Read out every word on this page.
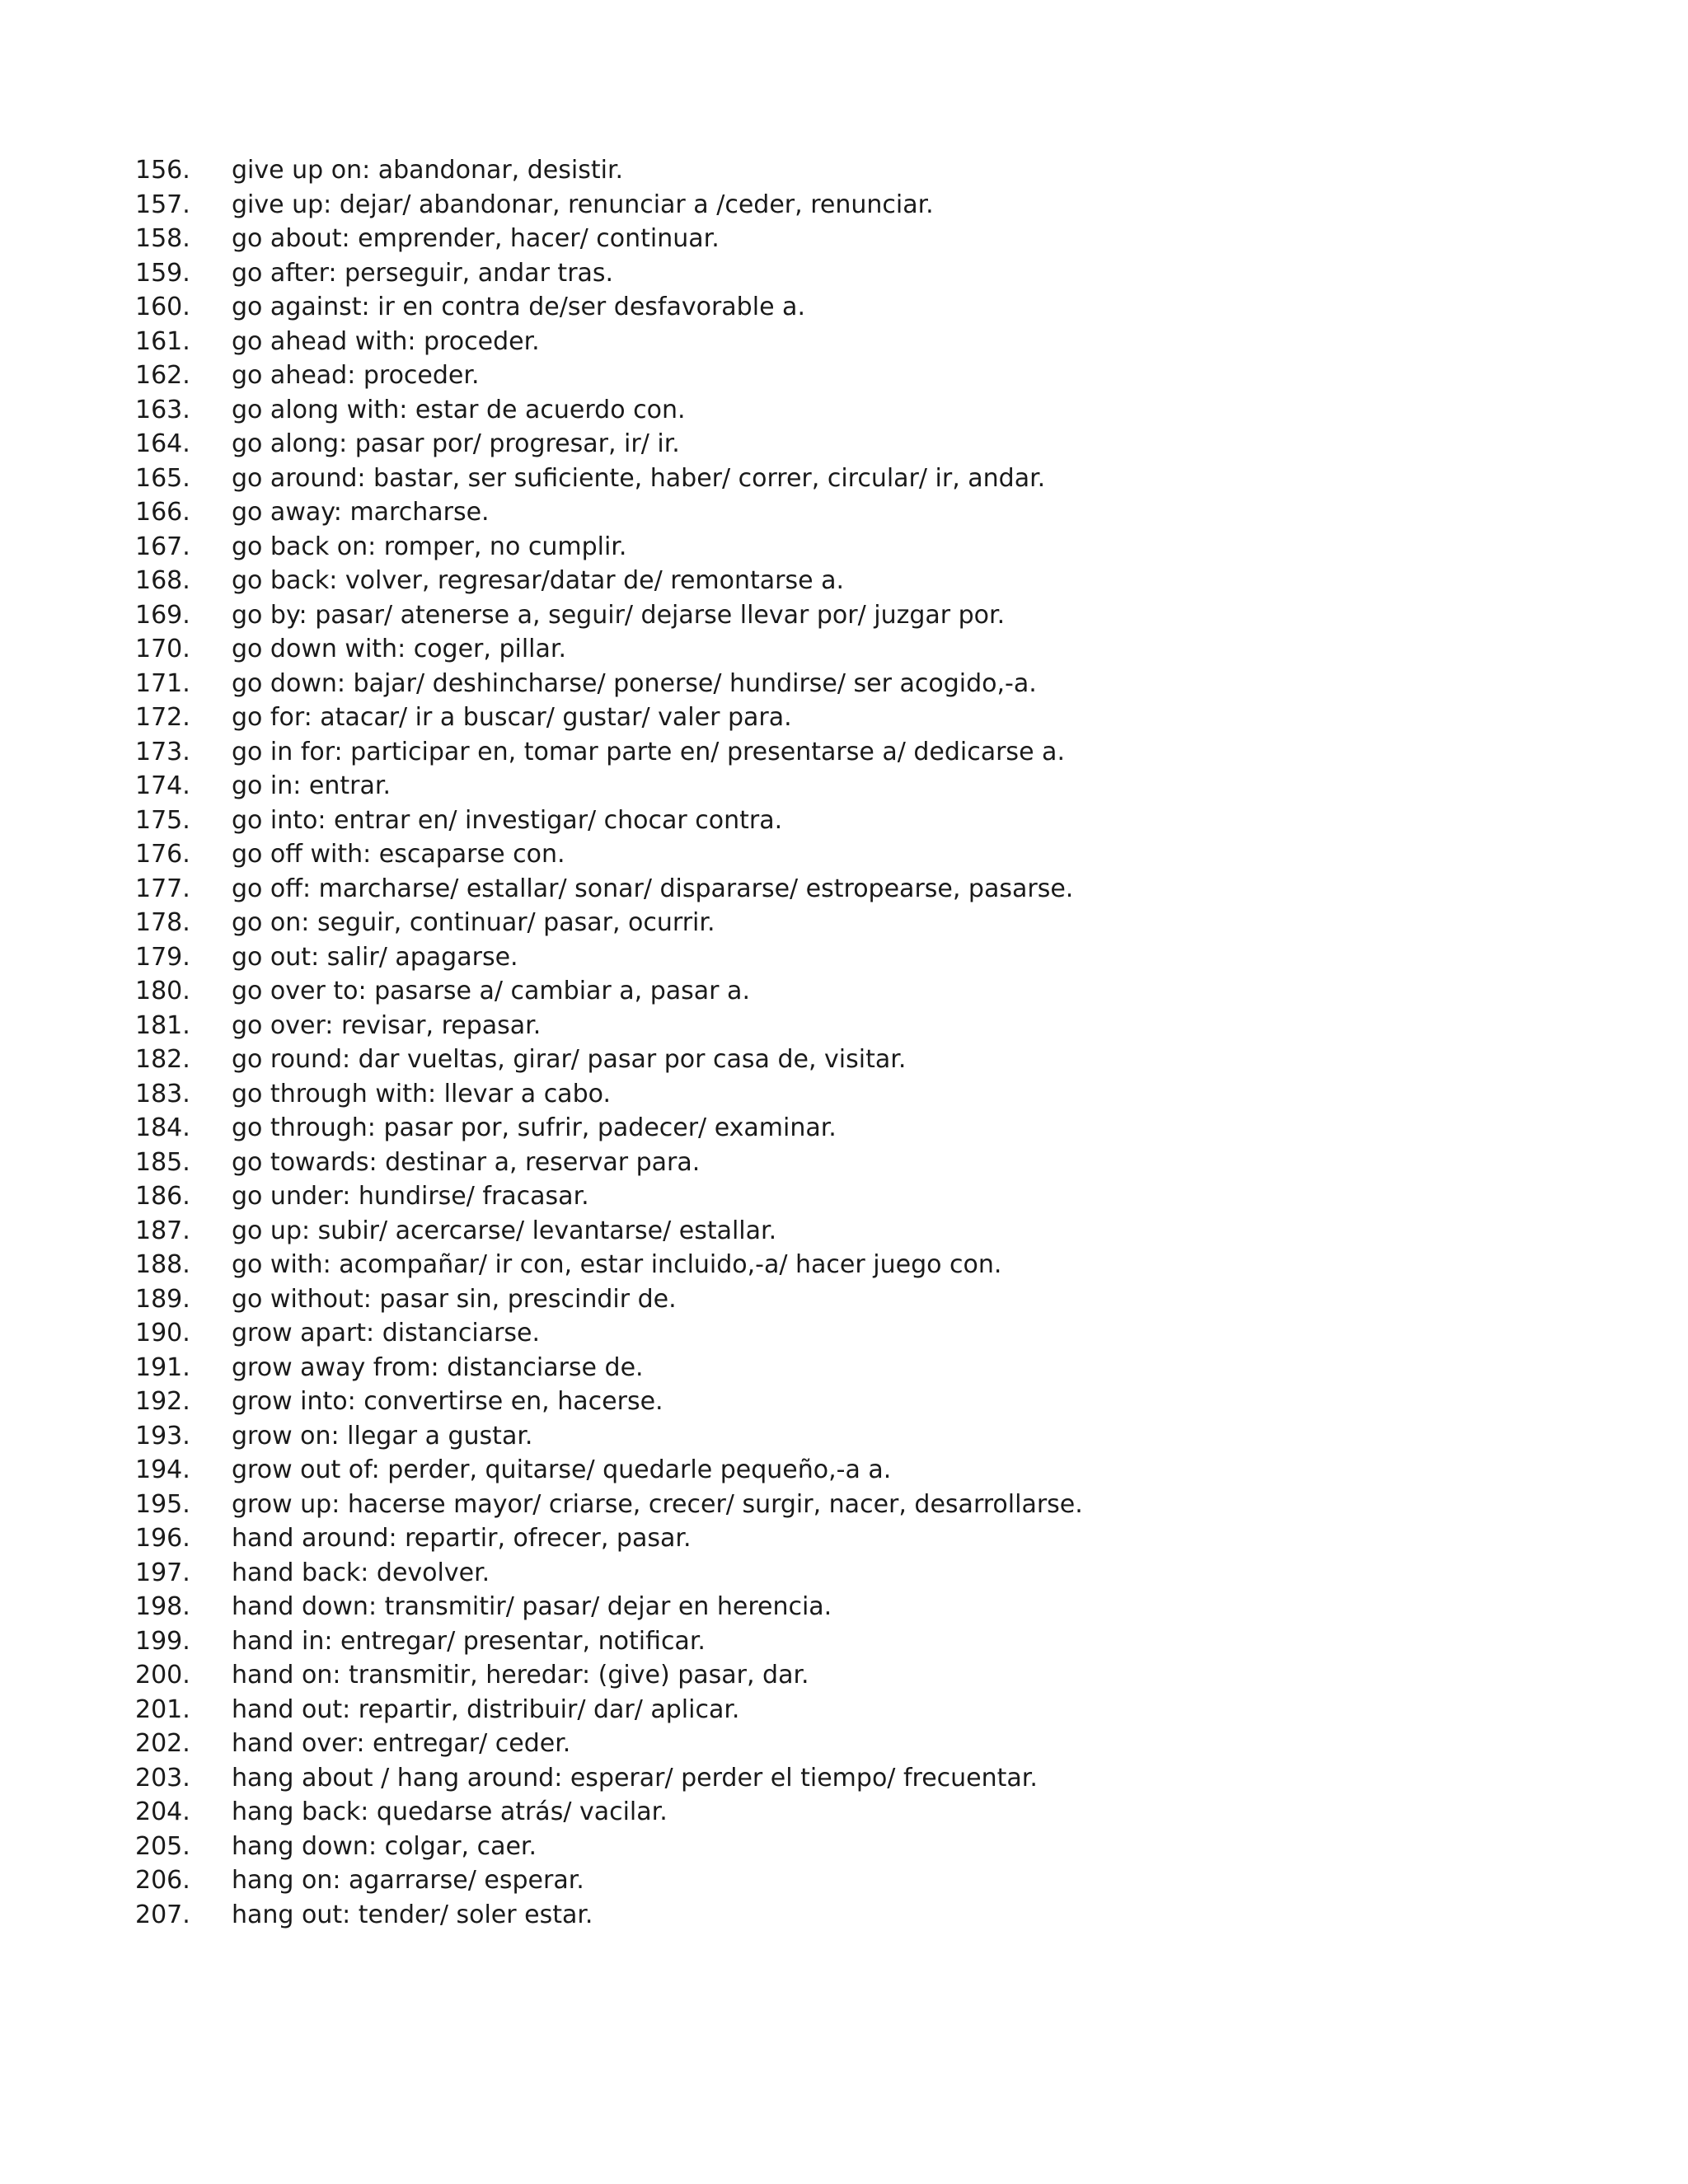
156.	give up on: abandonar, desistir.
157.	give up: dejar/ abandonar, renunciar a /ceder, renunciar.
158.	go about: emprender, hacer/ continuar.
159.	go after: perseguir, andar tras.
160.	go against: ir en contra de/ser desfavorable a.
161.	go ahead with: proceder.
162.	go ahead: proceder.
163.	go along with: estar de acuerdo con.
164.	go along: pasar por/ progresar, ir/ ir.
165.	go around: bastar, ser suficiente, haber/ correr, circular/ ir, andar.
166.	go away: marcharse.
167.	go back on: romper, no cumplir.
168.	go back: volver, regresar/datar de/ remontarse a.
169.	go by: pasar/ atenerse a, seguir/ dejarse llevar por/ juzgar por.
170.	go down with: coger, pillar.
171.	go down: bajar/ deshincharse/ ponerse/ hundirse/ ser acogido,-a.
172.	go for: atacar/ ir a buscar/ gustar/ valer para.
173.	go in for: participar en, tomar parte en/ presentarse a/ dedicarse a.
174.	go in: entrar.
175.	go into: entrar en/ investigar/ chocar contra.
176.	go off with: escaparse con.
177.	go off: marcharse/ estallar/ sonar/ dispararse/ estropearse, pasarse.
178.	go on: seguir, continuar/ pasar, ocurrir.
179.	go out: salir/ apagarse.
180.	go over to: pasarse a/ cambiar a, pasar a.
181.	go over: revisar, repasar.
182.	go round: dar vueltas, girar/ pasar por casa de, visitar.
183.	go through with: llevar a cabo.
184.	go through: pasar por, sufrir, padecer/ examinar.
185.	go towards: destinar a, reservar para.
186.	go under: hundirse/ fracasar.
187.	go up: subir/ acercarse/ levantarse/ estallar.
188.	go with: acompañar/ ir con, estar incluido,-a/ hacer juego con.
189.	go without: pasar sin, prescindir de.
190.	grow apart: distanciarse.
191.	grow away from: distanciarse de.
192.	grow into: convertirse en, hacerse.
193.	grow on: llegar a gustar.
194.	grow out of: perder, quitarse/ quedarle pequeño,-a a.
195.	grow up: hacerse mayor/ criarse, crecer/ surgir, nacer, desarrollarse.
196.	hand around: repartir, ofrecer, pasar.
197.	hand back: devolver.
198.	hand down: transmitir/ pasar/ dejar en herencia.
199.	hand in: entregar/ presentar, notificar.
200.	hand on: transmitir, heredar: (give) pasar, dar.
201.	hand out: repartir, distribuir/ dar/ aplicar.
202.	hand over: entregar/ ceder.
203.	hang about / hang around: esperar/ perder el tiempo/ frecuentar.
204.	hang back: quedarse atrás/ vacilar.
205.	hang down: colgar, caer.
206.	hang on: agarrarse/ esperar.
207.	hang out: tender/ soler estar.
